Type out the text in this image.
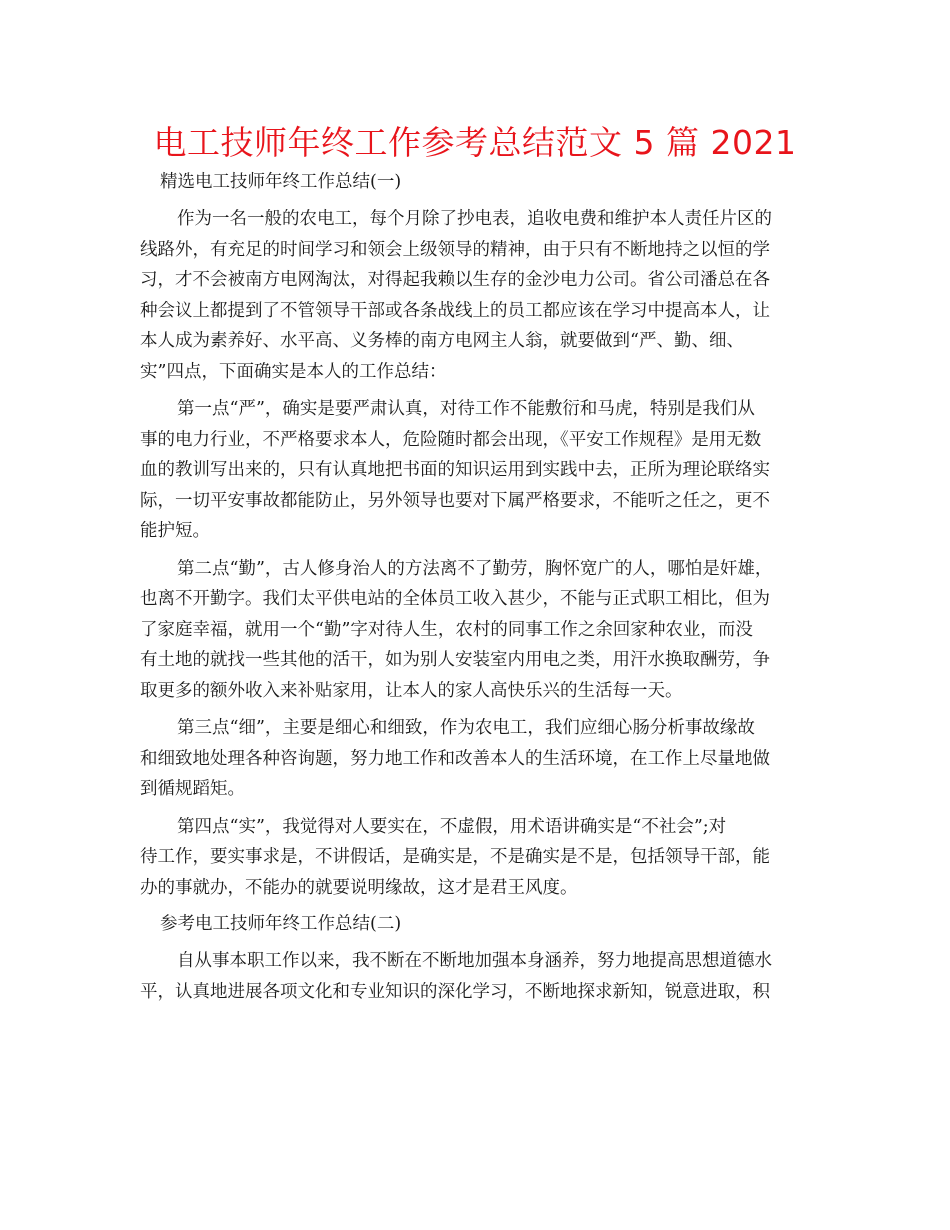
电工技师年终工作参考总结范文 5 篇 2021
精选电工技师年终工作总结(一)
作为一名一般的农电工，每个月除了抄电表，追收电费和维护本人责任片区的
线路外，有充足的时间学习和领会上级领导的精神，由于只有不断地持之以恒的学
习，才不会被南方电网淘汰，对得起我赖以生存的金沙电力公司。省公司潘总在各
种会议上都提到了不管领导干部或各条战线上的员工都应该在学习中提高本人，让
本人成为素养好、水平高、义务棒的南方电网主人翁，就要做到“严、勤、细、
实”四点，下面确实是本人的工作总结：
第一点“严”，确实是要严肃认真，对待工作不能敷衍和马虎，特别是我们从
事的电力行业，不严格要求本人，危险随时都会出现，《平安工作规程》是用无数
血的教训写出来的，只有认真地把书面的知识运用到实践中去，正所为理论联络实
际，一切平安事故都能防止，另外领导也要对下属严格要求，不能听之任之，更不
能护短。
第二点“勤”，古人修身治人的方法离不了勤劳，胸怀宽广的人，哪怕是奸雄，
也离不开勤字。我们太平供电站的全体员工收入甚少，不能与正式职工相比，但为
了家庭幸福，就用一个“勤”字对待人生，农村的同事工作之余回家种农业，而没
有土地的就找一些其他的活干，如为别人安装室内用电之类，用汗水换取酬劳，争
取更多的额外收入来补贴家用，让本人的家人高快乐兴的生活每一天。
第三点“细”，主要是细心和细致，作为农电工，我们应细心肠分析事故缘故
和细致地处理各种咨询题，努力地工作和改善本人的生活环境，在工作上尽量地做
到循规蹈矩。
第四点“实”，我觉得对人要实在，不虚假，用术语讲确实是“不社会”;对
待工作，要实事求是，不讲假话，是确实是，不是确实是不是，包括领导干部，能
办的事就办，不能办的就要说明缘故，这才是君王风度。
参考电工技师年终工作总结(二)
自从事本职工作以来，我不断在不断地加强本身涵养，努力地提高思想道德水
平，认真地进展各项文化和专业知识的深化学习，不断地探求新知，锐意进取，积
